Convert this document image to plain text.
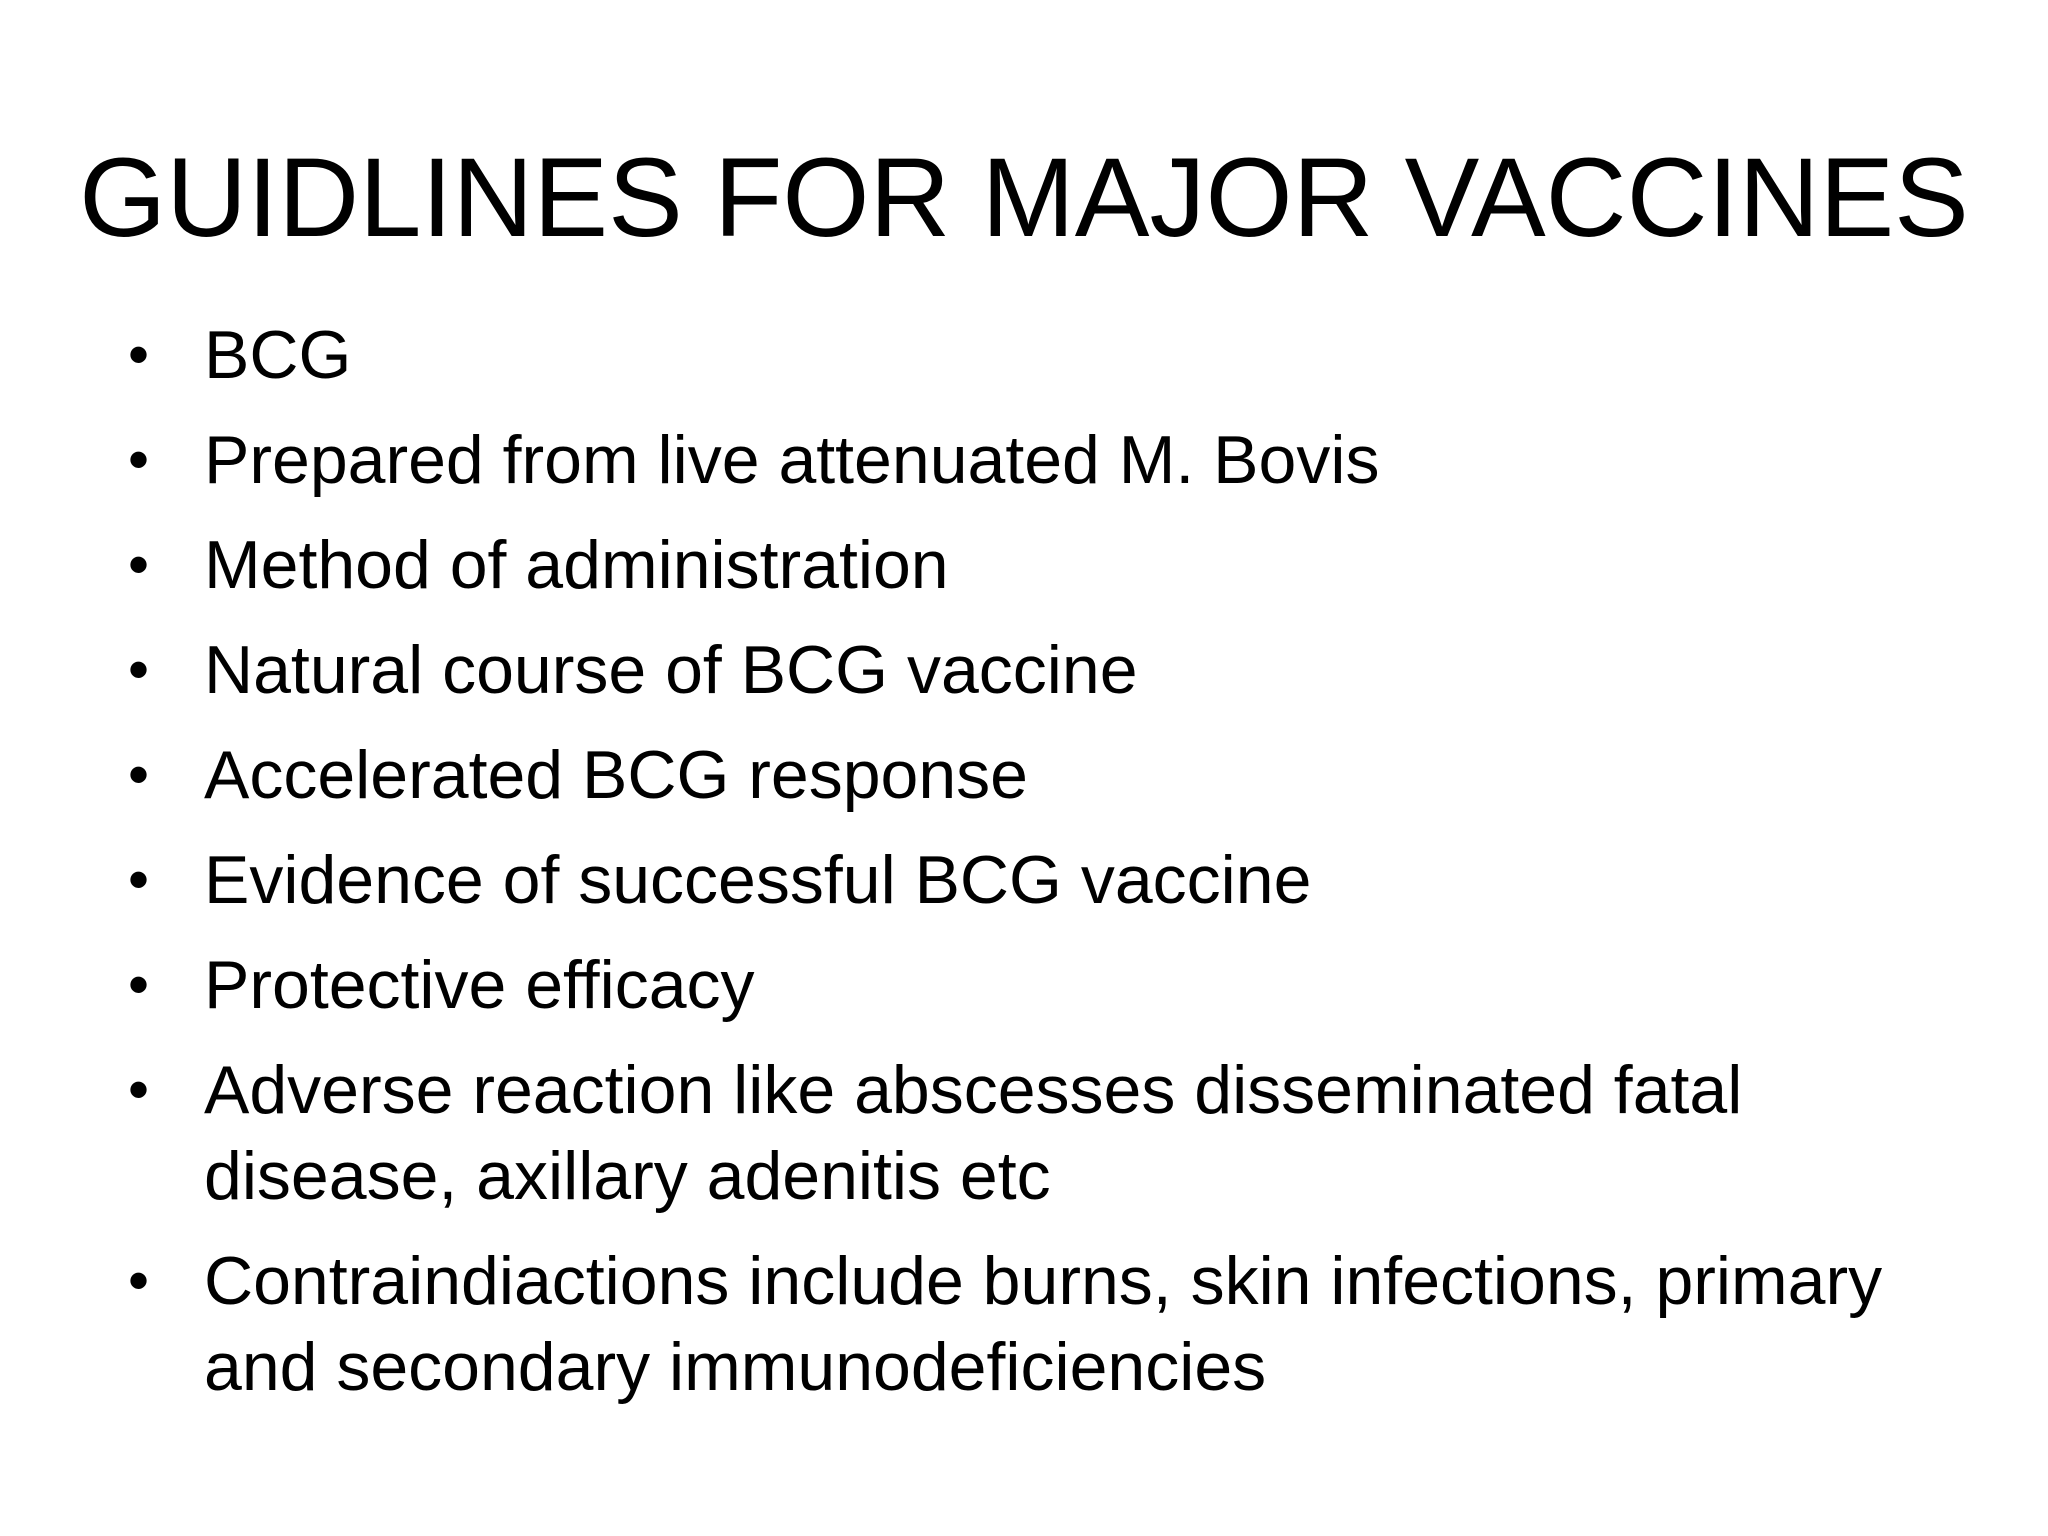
GUIDLINES FOR MAJOR VACCINES
• BCG
• Prepared from live attenuated M. Bovis
• Method of administration
• Natural course of BCG vaccine
• Accelerated BCG response
• Evidence of successful BCG vaccine
• Protective efficacy
• Adverse reaction like abscesses disseminated fatal disease, axillary adenitis etc
• Contraindiactions include burns, skin infections, primary and secondary immunodeficiencies
